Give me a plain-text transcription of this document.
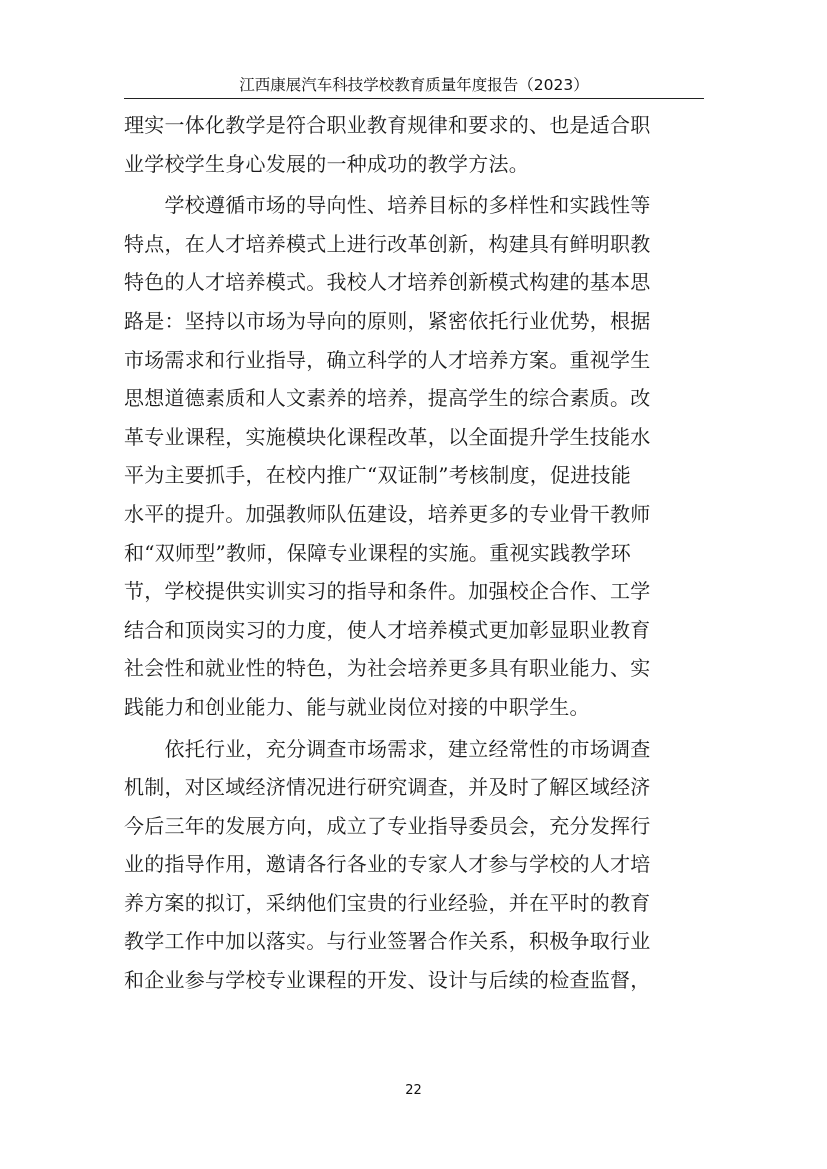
江西康展汽车科技学校教育质量年度报告（2023）
理实一体化教学是符合职业教育规律和要求的、也是适合职
业学校学生身心发展的一种成功的教学方法。
　　学校遵循市场的导向性、培养目标的多样性和实践性等
特点，在人才培养模式上进行改革创新，构建具有鲜明职教
特色的人才培养模式。我校人才培养创新模式构建的基本思
路是：坚持以市场为导向的原则，紧密依托行业优势，根据
市场需求和行业指导，确立科学的人才培养方案。重视学生
思想道德素质和人文素养的培养，提高学生的综合素质。改
革专业课程，实施模块化课程改革，以全面提升学生技能水
平为主要抓手，在校内推广“双证制”考核制度，促进技能
水平的提升。加强教师队伍建设，培养更多的专业骨干教师
和“双师型”教师，保障专业课程的实施。重视实践教学环
节，学校提供实训实习的指导和条件。加强校企合作、工学
结合和顶岗实习的力度，使人才培养模式更加彰显职业教育
社会性和就业性的特色，为社会培养更多具有职业能力、实
践能力和创业能力、能与就业岗位对接的中职学生。
　　依托行业，充分调查市场需求，建立经常性的市场调查
机制，对区域经济情况进行研究调查，并及时了解区域经济
今后三年的发展方向，成立了专业指导委员会，充分发挥行
业的指导作用，邀请各行各业的专家人才参与学校的人才培
养方案的拟订，采纳他们宝贵的行业经验，并在平时的教育
教学工作中加以落实。与行业签署合作关系，积极争取行业
和企业参与学校专业课程的开发、设计与后续的检查监督，
22
